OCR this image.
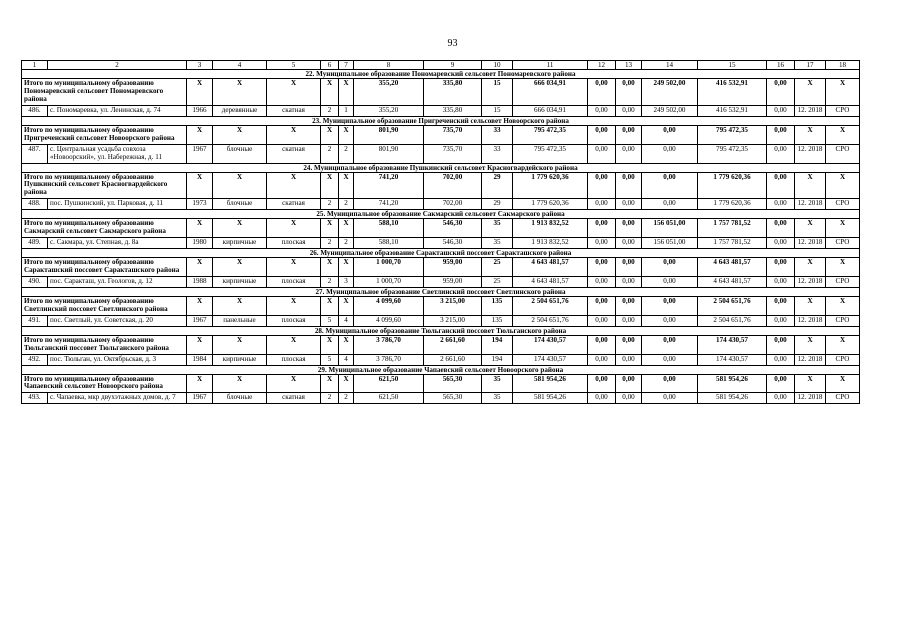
93
1	2	3	4	5	6	7	8	9	10	11	12	13	14	15	16	17	18
22. Муниципальное образование Пономаревский сельсовет Пономаревского района																	
Итого по муниципальному образованию Пономаревский сельсовет Пономаревского района		X	X	X	X	X	355,20	335,80	15	666 034,91	0,00	0,00	249 502,00	416 532,91	0,00	X	X
486.	с. Пономаревка, ул. Ленинская, д. 74	1966	деревянные	скатная	2	1	355,20	335,80	15	666 034,91	0,00	0,00	249 502,00	416 532,91	0,00	12. 2018	СРО
23. Муниципальное образование Пригреченский сельсовет Новоорского района																	
Итого по муниципальному образованию Пригреченский сельсовет Новоорского района		X	X	X	X	X	801,90	735,70	33	795 472,35	0,00	0,00	0,00	795 472,35	0,00	X	X
487.	с. Центральная усадьба совхоза «Новоорский», ул. Набережная, д. 11	1967	блочные	скатная	2	2	801,90	735,70	33	795 472,35	0,00	0,00	0,00	795 472,35	0,00	12. 2018	СРО
24. Муниципальное образование Пушкинский сельсовет Красногвардейского района																	
Итого по муниципальному образованию Пушкинский сельсовет Красногвардейского района		X	X	X	X	X	741,20	702,00	29	1 779 620,36	0,00	0,00	0,00	1 779 620,36	0,00	X	X
488.	пос. Пушкинский, ул. Парковая, д. 11	1973	блочные	скатная	2	2	741,20	702,00	29	1 779 620,36	0,00	0,00	0,00	1 779 620,36	0,00	12. 2018	СРО
25. Муниципальное образование Сакмарский сельсовет Сакмарского района																	
Итого по муниципальному образованию Сакмарский сельсовет Сакмарского района		X	X	X	X	X	588,10	546,30	35	1 913 832,52	0,00	0,00	156 051,00	1 757 781,52	0,00	X	X
489.	с. Сакмара, ул. Степная, д. 8а	1980	кирпичные	плоская	2	2	588,10	546,30	35	1 913 832,52	0,00	0,00	156 051,00	1 757 781,52	0,00	12. 2018	СРО
26. Муниципальное образование Саракташский поссовет Саракташского района																	
Итого по муниципальному образованию Саракташский поссовет Саракташского района		X	X	X	X	X	1 000,70	959,00	25	4 643 481,57	0,00	0,00	0,00	4 643 481,57	0,00	X	X
490.	пос. Саракташ, ул. Геологов, д. 12	1988	кирпичные	плоская	2	3	1 000,70	959,00	25	4 643 481,57	0,00	0,00	0,00	4 643 481,57	0,00	12. 2018	СРО
27. Муниципальное образование Светлинский поссовет Светлинского района																	
Итого по муниципальному образованию Светлинский поссовет Светлинского района		X	X	X	X	X	4 099,60	3 215,00	135	2 504 651,76	0,00	0,00	0,00	2 504 651,76	0,00	X	X
491.	пос. Светлый, ул. Советская, д. 20	1967	панельные	плоская	5	4	4 099,60	3 215,00	135	2 504 651,76	0,00	0,00	0,00	2 504 651,76	0,00	12. 2018	СРО
28. Муниципальное образование Тюльганский поссовет Тюльганского района																	
Итого по муниципальному образованию Тюльганский поссовет Тюльганского района		X	X	X	X	X	3 786,70	2 661,60	194	174 430,57	0,00	0,00	0,00	174 430,57	0,00	X	X
492.	пос. Тюльган, ул. Октябрьская, д. 3	1984	кирпичные	плоская	5	4	3 786,70	2 661,60	194	174 430,57	0,00	0,00	0,00	174 430,57	0,00	12. 2018	СРО
29. Муниципальное образование Чапаевский сельсовет Новоорского района																	
Итого по муниципальному образованию Чапаевский сельсовет Новоорского района		X	X	X	X	X	621,50	565,30	35	581 954,26	0,00	0,00	0,00	581 954,26	0,00	X	X
493.	с. Чапаевка, мкр двухэтажных домов, д. 7	1967	блочные	скатная	2	2	621,50	565,30	35	581 954,26	0,00	0,00	0,00	581 954,26	0,00	12. 2018	СРО
